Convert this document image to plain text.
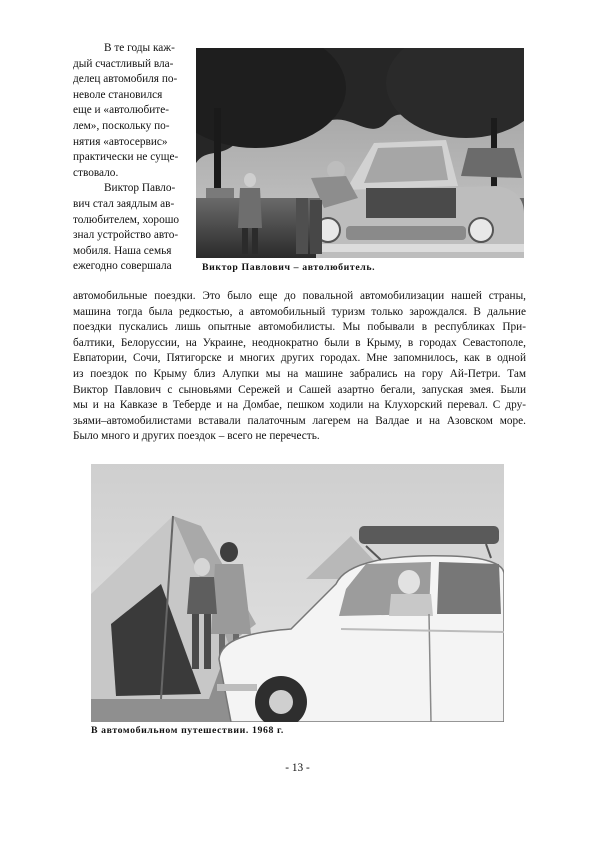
В те годы каж-

дый счастливый вла-

делец автомобиля по-

неволе становился

еще и «автолюбите-

лем», поскольку по-

нятия «автосервис»

практически не суще-

ствовало.

Виктор Павло-

вич стал заядлым ав-

толюбителем, хорошо

знал устройство авто-

мобиля. Наша семья

ежегодно совершала	Виктор Павлович – автолюбитель.
автомобильные поездки. Это было еще до повальной автомобилизации нашей страны,
машина тогда была редкостью, а автомобильный туризм только зарождался. В дальние
поездки пускались лишь опытные автомобилисты. Мы побывали в республиках При-
балтики, Белоруссии, на Украине, неоднократно были в Крыму, в городах Севастополе,
Евпатории, Сочи, Пятигорске и многих других городах. Мне запомнилось, как в одной
из поездок по Крыму близ Алупки мы на машине забрались на гору Ай-Петри. Там
Виктор Павлович с сыновьями Сережей и Сашей азартно бегали, запуская змея. Были
мы и на Кавказе в Теберде и на Домбае, пешком ходили на Клухорский перевал. С дру-
зьями–автомобилистами вставали палаточным лагерем на Валдае и на Азовском море.
Было много и других поездок – всего не перечесть.
В автомобильном путешествии. 1968 г.
- 13 -
